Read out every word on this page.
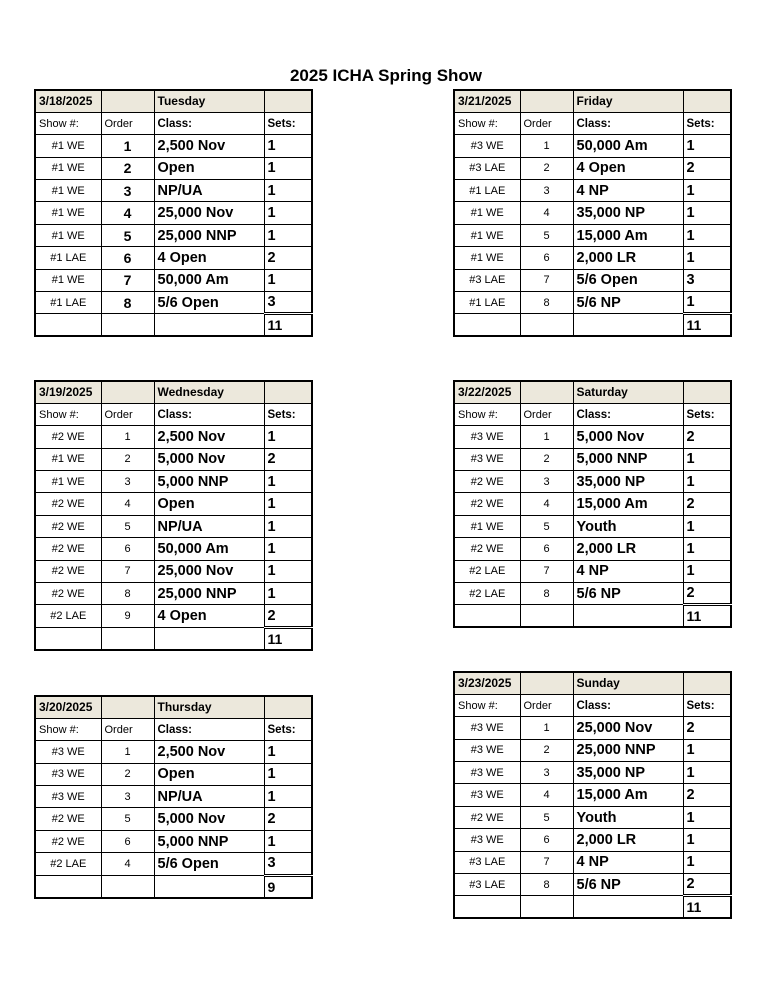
2025 ICHA Spring Show
3/18/2025		Tuesday	
Show #:	Order	Class:	Sets:
#1 WE	1	2,500 Nov	1
#1 WE	2	Open	1
#1 WE	3	NP/UA	1
#1 WE	4	25,000 Nov	1
#1 WE	5	25,000 NNP	1
#1 LAE	6	4 Open	2
#1 WE	7	50,000 Am	1
#1 LAE	8	5/6 Open	3
			11
3/19/2025		Wednesday	
Show #:	Order	Class:	Sets:
#2 WE	1	2,500 Nov	1
#1 WE	2	5,000 Nov	2
#1 WE	3	5,000 NNP	1
#2 WE	4	Open	1
#2 WE	5	NP/UA	1
#2 WE	6	50,000 Am	1
#2 WE	7	25,000 Nov	1
#2 WE	8	25,000 NNP	1
#2 LAE	9	4 Open	2
			11
3/20/2025		Thursday	
Show #:	Order	Class:	Sets:
#3 WE	1	2,500 Nov	1
#3 WE	2	Open	1
#3 WE	3	NP/UA	1
#2 WE	5	5,000 Nov	2
#2 WE	6	5,000 NNP	1
#2 LAE	4	5/6 Open	3
			9
3/21/2025		Friday	
Show #:	Order	Class:	Sets:
#3 WE	1	50,000 Am	1
#3 LAE	2	4 Open	2
#1 LAE	3	4 NP	1
#1 WE	4	35,000 NP	1
#1 WE	5	15,000 Am	1
#1 WE	6	2,000 LR	1
#3 LAE	7	5/6 Open	3
#1 LAE	8	5/6 NP	1
			11
3/22/2025		Saturday	
Show #:	Order	Class:	Sets:
#3 WE	1	5,000 Nov	2
#3 WE	2	5,000 NNP	1
#2 WE	3	35,000 NP	1
#2 WE	4	15,000 Am	2
#1 WE	5	Youth	1
#2 WE	6	2,000 LR	1
#2 LAE	7	4 NP	1
#2 LAE	8	5/6 NP	2
			11
3/23/2025		Sunday	
Show #:	Order	Class:	Sets:
#3 WE	1	25,000 Nov	2
#3 WE	2	25,000 NNP	1
#3 WE	3	35,000 NP	1
#3 WE	4	15,000 Am	2
#2 WE	5	Youth	1
#3 WE	6	2,000 LR	1
#3 LAE	7	4 NP	1
#3 LAE	8	5/6 NP	2
			11
